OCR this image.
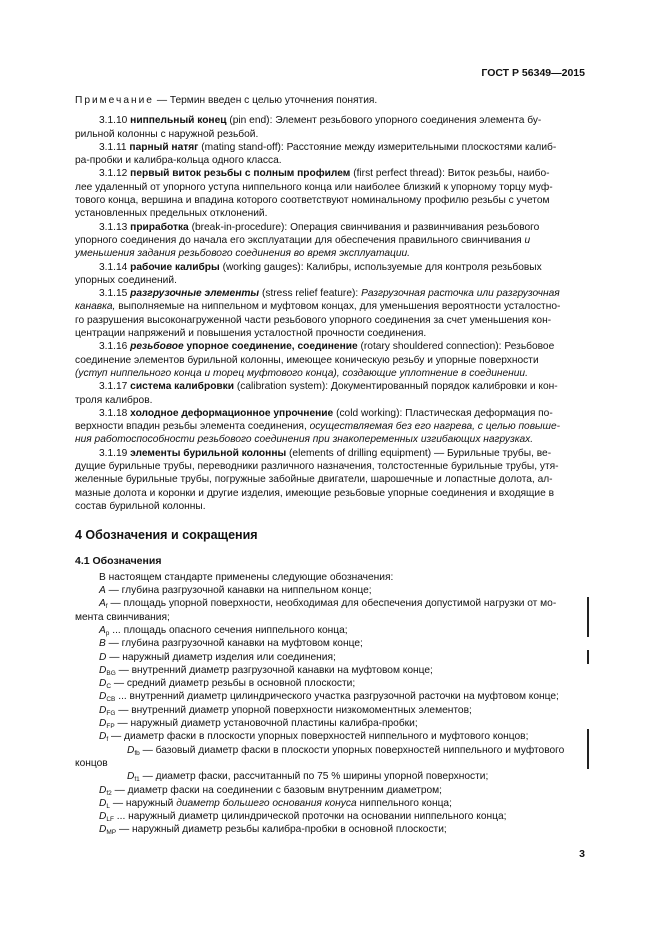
ГОСТ Р 56349—2015

Примечание — Термин введен с целью уточнения понятия.

3.1.10 ниппельный конец (pin end): Элемент резьбового упорного соединения элемента бу-
рильной колонны с наружной резьбой.
3.1.11 парный натяг (mating stand-off): Расстояние между измерительными плоскостями калиб-
ра-пробки и калибра-кольца одного класса.
3.1.12 первый виток резьбы с полным профилем (first perfect thread): Виток резьбы, наибо-
лее удаленный от упорного уступа ниппельного конца или наиболее близкий к упорному торцу муф-
тового конца, вершина и впадина которого соответствуют номинальному профилю резьбы с учетом
установленных предельных отклонений.
3.1.13 приработка (break-in-procedure): Операция свинчивания и развинчивания резьбового
упорного соединения до начала его эксплуатации для обеспечения правильного свинчивания и
уменьшения задания резьбового соединения во время эксплуатации.
3.1.14 рабочие калибры (working gauges): Калибры, используемые для контроля резьбовых
упорных соединений.
3.1.15 разгрузочные элементы (stress relief feature): Разгрузочная расточка или разгрузочная
канавка, выполняемые на ниппельном и муфтовом концах, для уменьшения вероятности усталостно-
го разрушения высоконагруженной части резьбового упорного соединения за счет уменьшения кон-
центрации напряжений и повышения усталостной прочности соединения.
3.1.16 резьбовое упорное соединение, соединение (rotary shouldered connection): Резьбовое
соединение элементов бурильной колонны, имеющее коническую резьбу и упорные поверхности
(уступ ниппельного конца и торец муфтового конца), создающие уплотнение в соединении.
3.1.17 система калибровки (calibration system): Документированный порядок калибровки и кон-
троля калибров.
3.1.18 холодное деформационное упрочнение (cold working): Пластическая деформация по-
верхности впадин резьбы элемента соединения, осуществляемая без его нагрева, с целью повыше-
ния работоспособности резьбового соединения при знакопеременных изгибающих нагрузках.
3.1.19 элементы бурильной колонны (elements of drilling equipment) — Бурильные трубы, ве-
дущие бурильные трубы, переводники различного назначения, толстостенные бурильные трубы, утя-
желенные бурильные трубы, погружные забойные двигатели, шарошечные и лопастные долота, ал-
мазные долота и коронки и другие изделия, имеющие резьбовые упорные соединения и входящие в
состав бурильной колонны.
4 Обозначения и сокращения
4.1 Обозначения
В настоящем стандарте применены следующие обозначения:
A — глубина разгрузочной канавки на ниппельном конце;
$A_f$ — площадь упорной поверхности, необходимая для обеспечения допустимой нагрузки от мо-
мента свинчивания;
$A_p$ ... площадь опасного сечения ниппельного конца;
B — глубина разгрузочной канавки на муфтовом конце;
D — наружный диаметр изделия или соединения;
$D_{BG}$ — внутренний диаметр разгрузочной канавки на муфтовом конце;
$D_C$ — средний диаметр резьбы в основной плоскости;
$D_{CB}$ ... внутренний диаметр цилиндрического участка разгрузочной расточки на муфтовом конце;
$D_{FG}$ — внутренний диаметр упорной поверхности низкомоментных элементов;
$D_{FP}$ — наружный диаметр установочной пластины калибра-пробки;
$D_f$ — диаметр фаски в плоскости упорных поверхностей ниппельного и муфтового концов;
$D_{fb}$ — базовый диаметр фаски в плоскости упорных поверхностей ниппельного и муфтового
концов
$D_{f1}$ — диаметр фаски, рассчитанный по 75 % ширины упорной поверхности;
$D_{f2}$ — диаметр фаски на соединении с базовым внутренним диаметром;
$D_L$ — наружный диаметр большего основания конуса ниппельного конца;
$D_{LF}$ ... наружный диаметр цилиндрической проточки на основании ниппельного конца;
$D_{MP}$ — наружный диаметр резьбы калибра-пробки в основной плоскости;
3
